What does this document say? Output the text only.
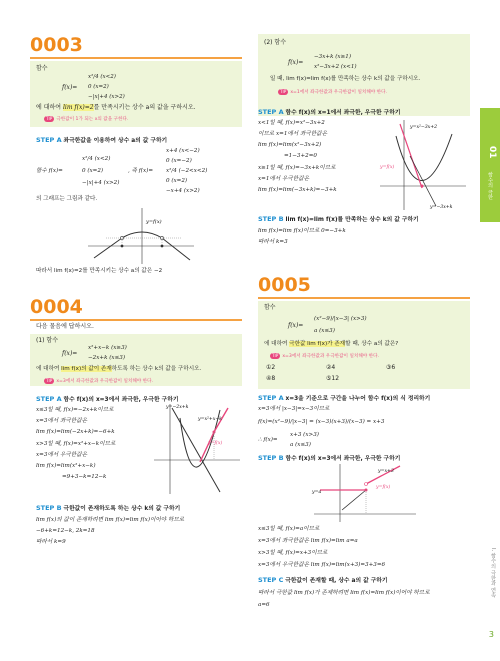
01
함수의 극한
I. 함수의 극한과 연속
3
0003
함수
f(x)=
x²/4 (x<2)
0 (x=2)
−|x|+4 (x>2)
에 대하여 lim f(x)=2를 만족시키는 상수 a의 값을 구하시오.
TIP 극한값이 1가 되는 x의 값을 구한다.
STEP A 좌극한값을 이용하여 상수 a의 값 구하기
함수 f(x)=
x²/4 (x<2)
0 (x=2)
−|x|+4 (x>2)
, 즉 f(x)=
x+4 (x<−2)
0 (x=−2)
x²/4 (−2<x<2)
0 (x=2)
−x+4 (x>2)
의 그래프는 그림과 같다.
y=f(x)
따라서 lim f(x)=2를 만족시키는 상수 a의 값은 −2
0004
다음 물음에 답하시오.
(1) 함수
f(x)=
x²+x−k (x≥3)
−2x+k (x≤3)
에 대하여 lim f(x)의 값이 존재하도록 하는 상수 k의 값을 구하시오.
TIP x=3에서 좌극한값과 우극한값이 일치해야 한다.
STEP A 함수 f(x)의 x=3에서 좌극한, 우극한 구하기
x≤3일 때, f(x)=−2x+k이므로
x=3에서 좌극한값은
lim f(x)=lim(−2x+k)=−6+k
x>3일 때, f(x)=x²+x−k이므로
x=3에서 우극한값은
lim f(x)=lim(x²+x−k)
=9+3−k=12−k
y=−2x+k
y=x²+x−k
y=f(x)
STEP B 극한값이 존재하도록 하는 상수 k의 값 구하기
lim f(x)의 값이 존재하려면 lim f(x)=lim f(x)이어야 하므로
−6+k=12−k, 2k=18
따라서 k=9
(2) 함수
f(x)=
−3x+k (x≥1)
x²−3x+2 (x<1)
일 때, lim f(x)=lim f(x)를 만족하는 상수 k의 값을 구하시오.
TIP x=1에서 좌극한값과 우극한값이 일치해야 한다.
STEP A 함수 f(x)의 x=1에서 좌극한, 우극한 구하기
x<1일 때, f(x)=x²−3x+2
이므로 x=1에서 좌극한값은
lim f(x)=lim(x²−3x+2)
=1−3+2=0
x≥1일 때, f(x)=−3x+k이므로
x=1에서 우극한값은
lim f(x)=lim(−3x+k)=−3+k
y=x²−3x+2
y=f(x)
y=−3x+k
STEP B lim f(x)=lim f(x)를 만족하는 상수 k의 값 구하기
lim f(x)=lim f(x)이므로 0=−3+k
따라서 k=3
0005
함수
f(x)=
(x²−9)/|x−3| (x>3)
a (x≤3)
에 대하여 극한값 lim f(x)가 존재할 때, 상수 a의 값은?
TIP x=3에서 좌극한값과 우극한값이 일치해야 한다.
①2	②4	③6
④8	⑤12
STEP A x=3을 기준으로 구간을 나누어 함수 f(x)의 식 정리하기
x=3에서 |x−3|=x−3이므로
f(x)=(x²−9)/|x−3| = (x−3)(x+3)/(x−3) = x+3
∴ f(x)=
x+3 (x>3)
a (x≤3)
STEP B 함수 f(x)의 x=3에서 좌극한, 우극한 구하기
y=x+3
y=f(x)
y=a
x≤3일 때, f(x)=a이므로
x=3에서 좌극한값은 lim f(x)=lim a=a
x>3일 때, f(x)=x+3이므로
x=3에서 우극한값은 lim f(x)=lim(x+3)=3+3=6
STEP C 극한값이 존재할 때, 상수 a의 값 구하기
따라서 극한값 lim f(x)가 존재하려면 lim f(x)=lim f(x)이어야 하므로
a=6
